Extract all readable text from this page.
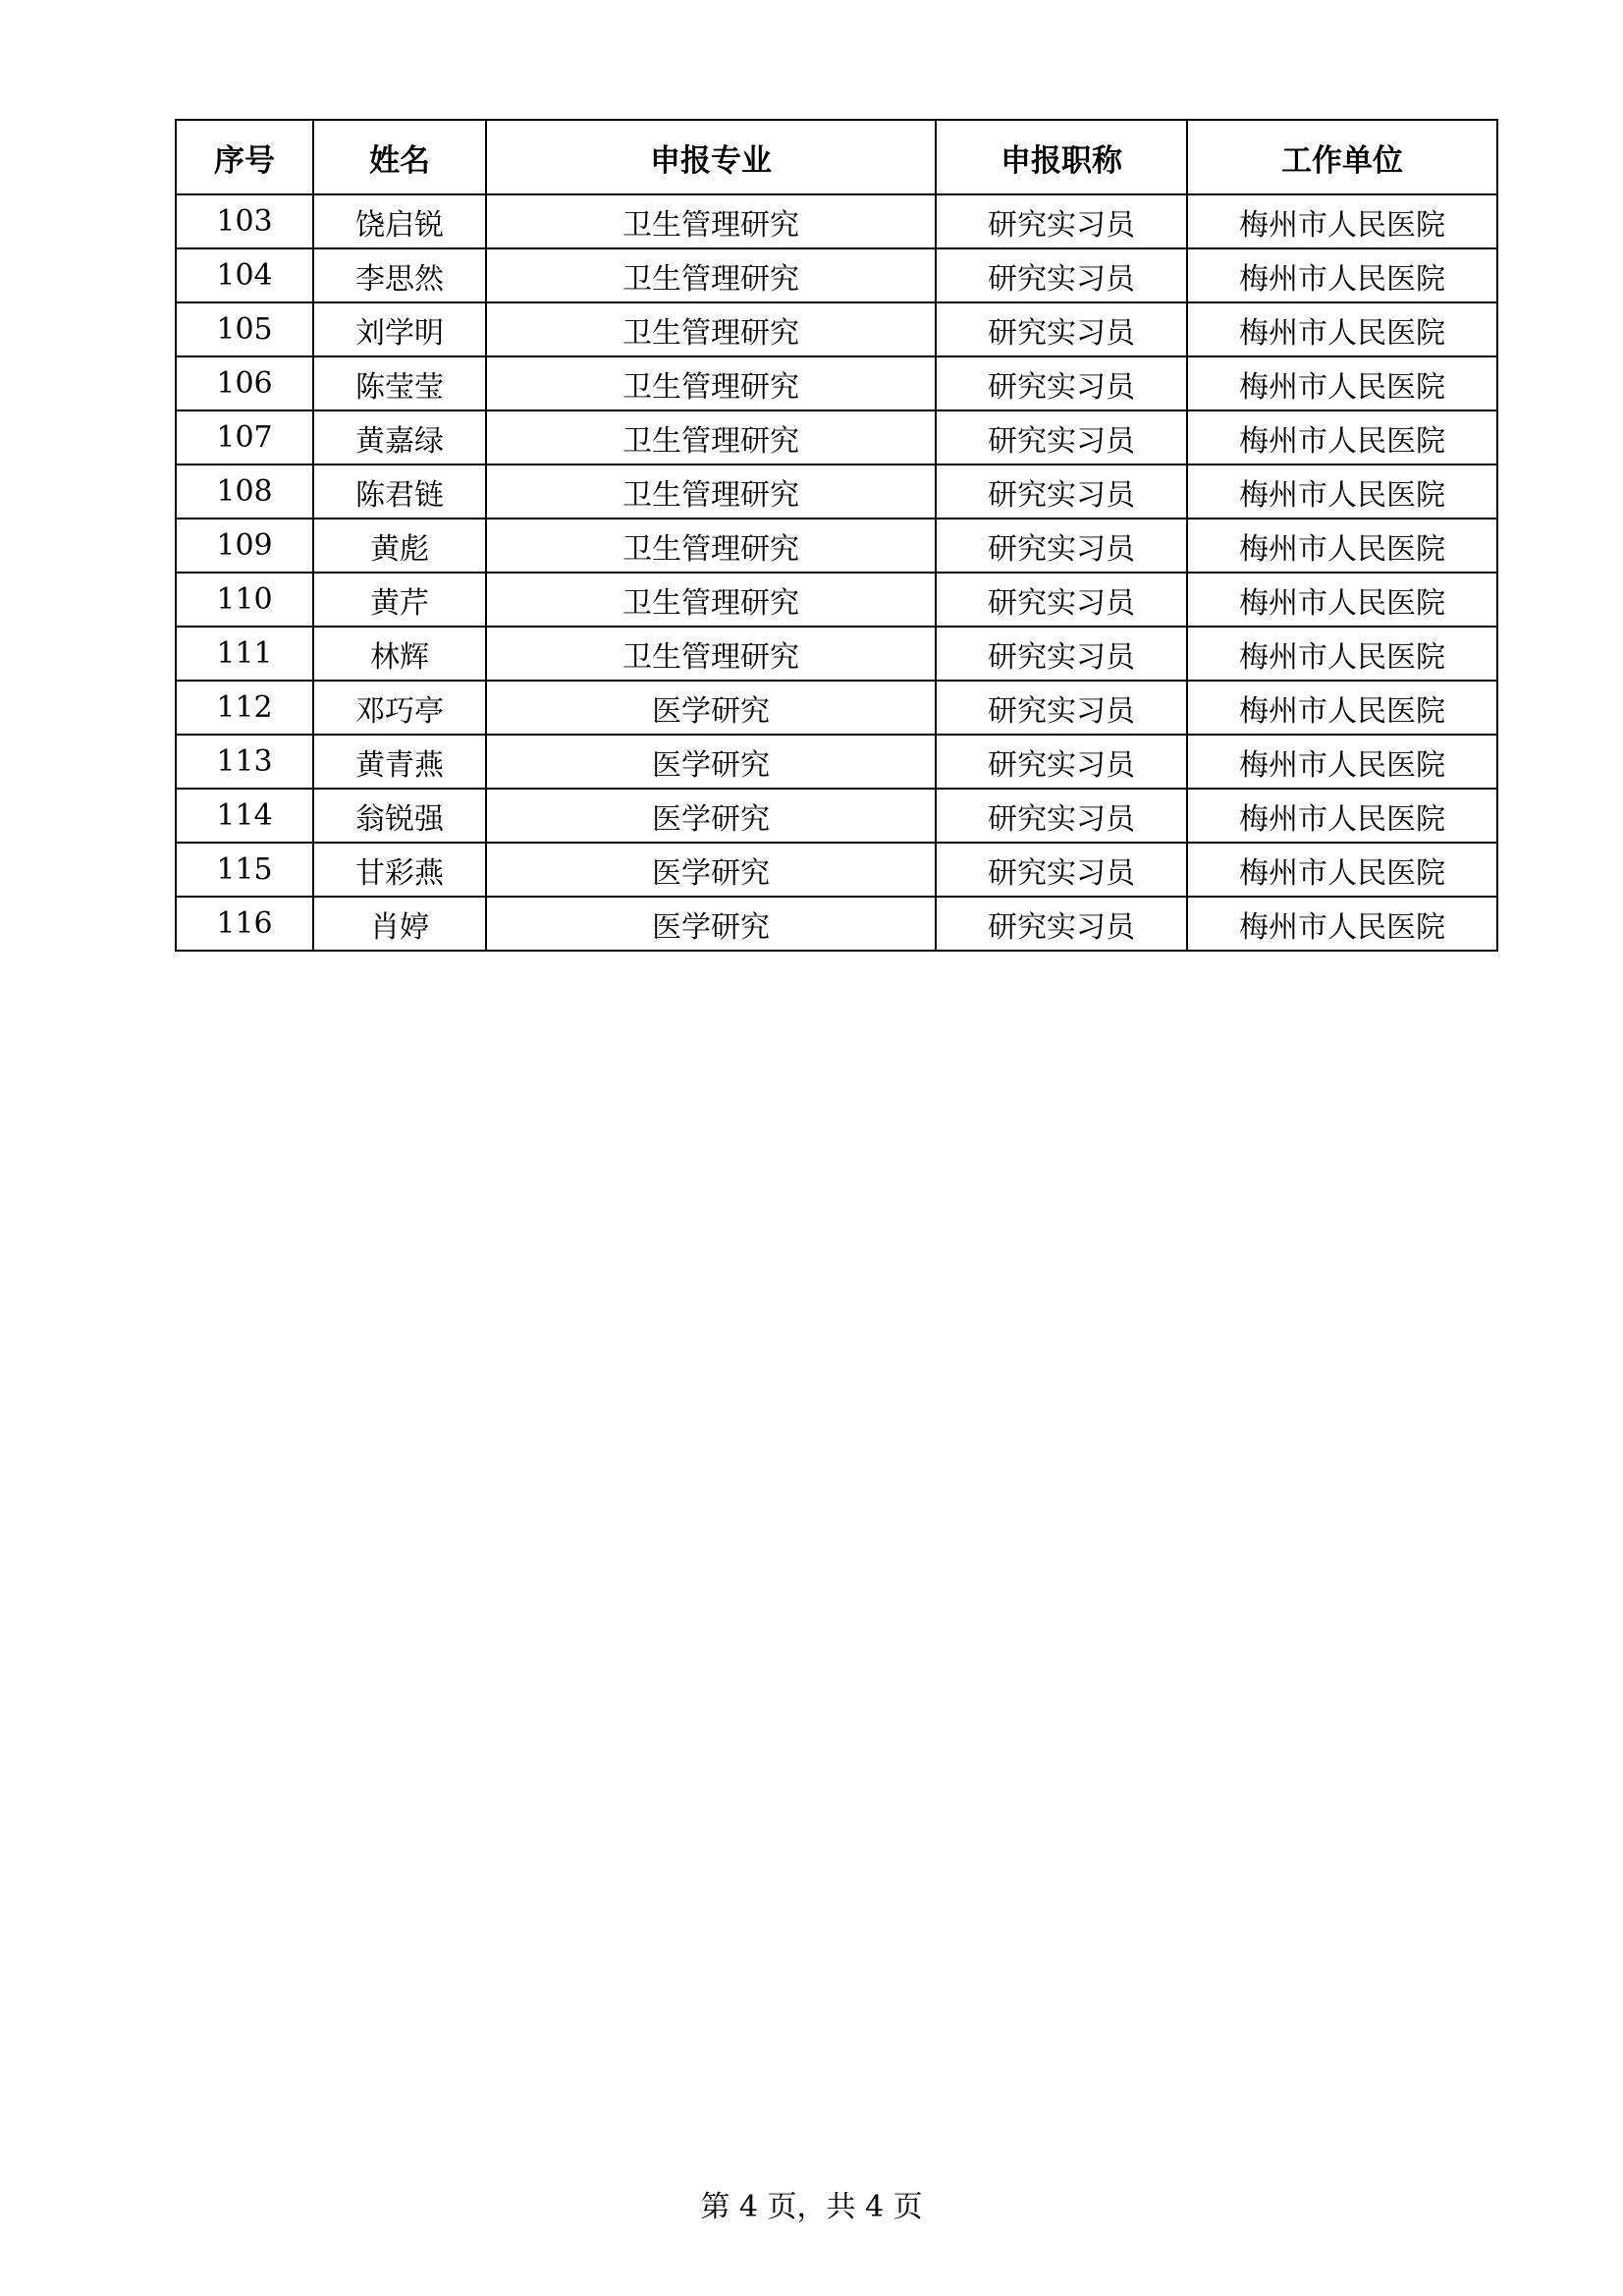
序号	姓名	申报专业	申报职称	工作单位
103	饶启锐	卫生管理研究	研究实习员	梅州市人民医院
104	李思然	卫生管理研究	研究实习员	梅州市人民医院
105	刘学明	卫生管理研究	研究实习员	梅州市人民医院
106	陈莹莹	卫生管理研究	研究实习员	梅州市人民医院
107	黄嘉绿	卫生管理研究	研究实习员	梅州市人民医院
108	陈君链	卫生管理研究	研究实习员	梅州市人民医院
109	黄彪	卫生管理研究	研究实习员	梅州市人民医院
110	黄芹	卫生管理研究	研究实习员	梅州市人民医院
111	林辉	卫生管理研究	研究实习员	梅州市人民医院
112	邓巧亭	医学研究	研究实习员	梅州市人民医院
113	黄青燕	医学研究	研究实习员	梅州市人民医院
114	翁锐强	医学研究	研究实习员	梅州市人民医院
115	甘彩燕	医学研究	研究实习员	梅州市人民医院
116	肖婷	医学研究	研究实习员	梅州市人民医院
第 4 页，共 4 页
